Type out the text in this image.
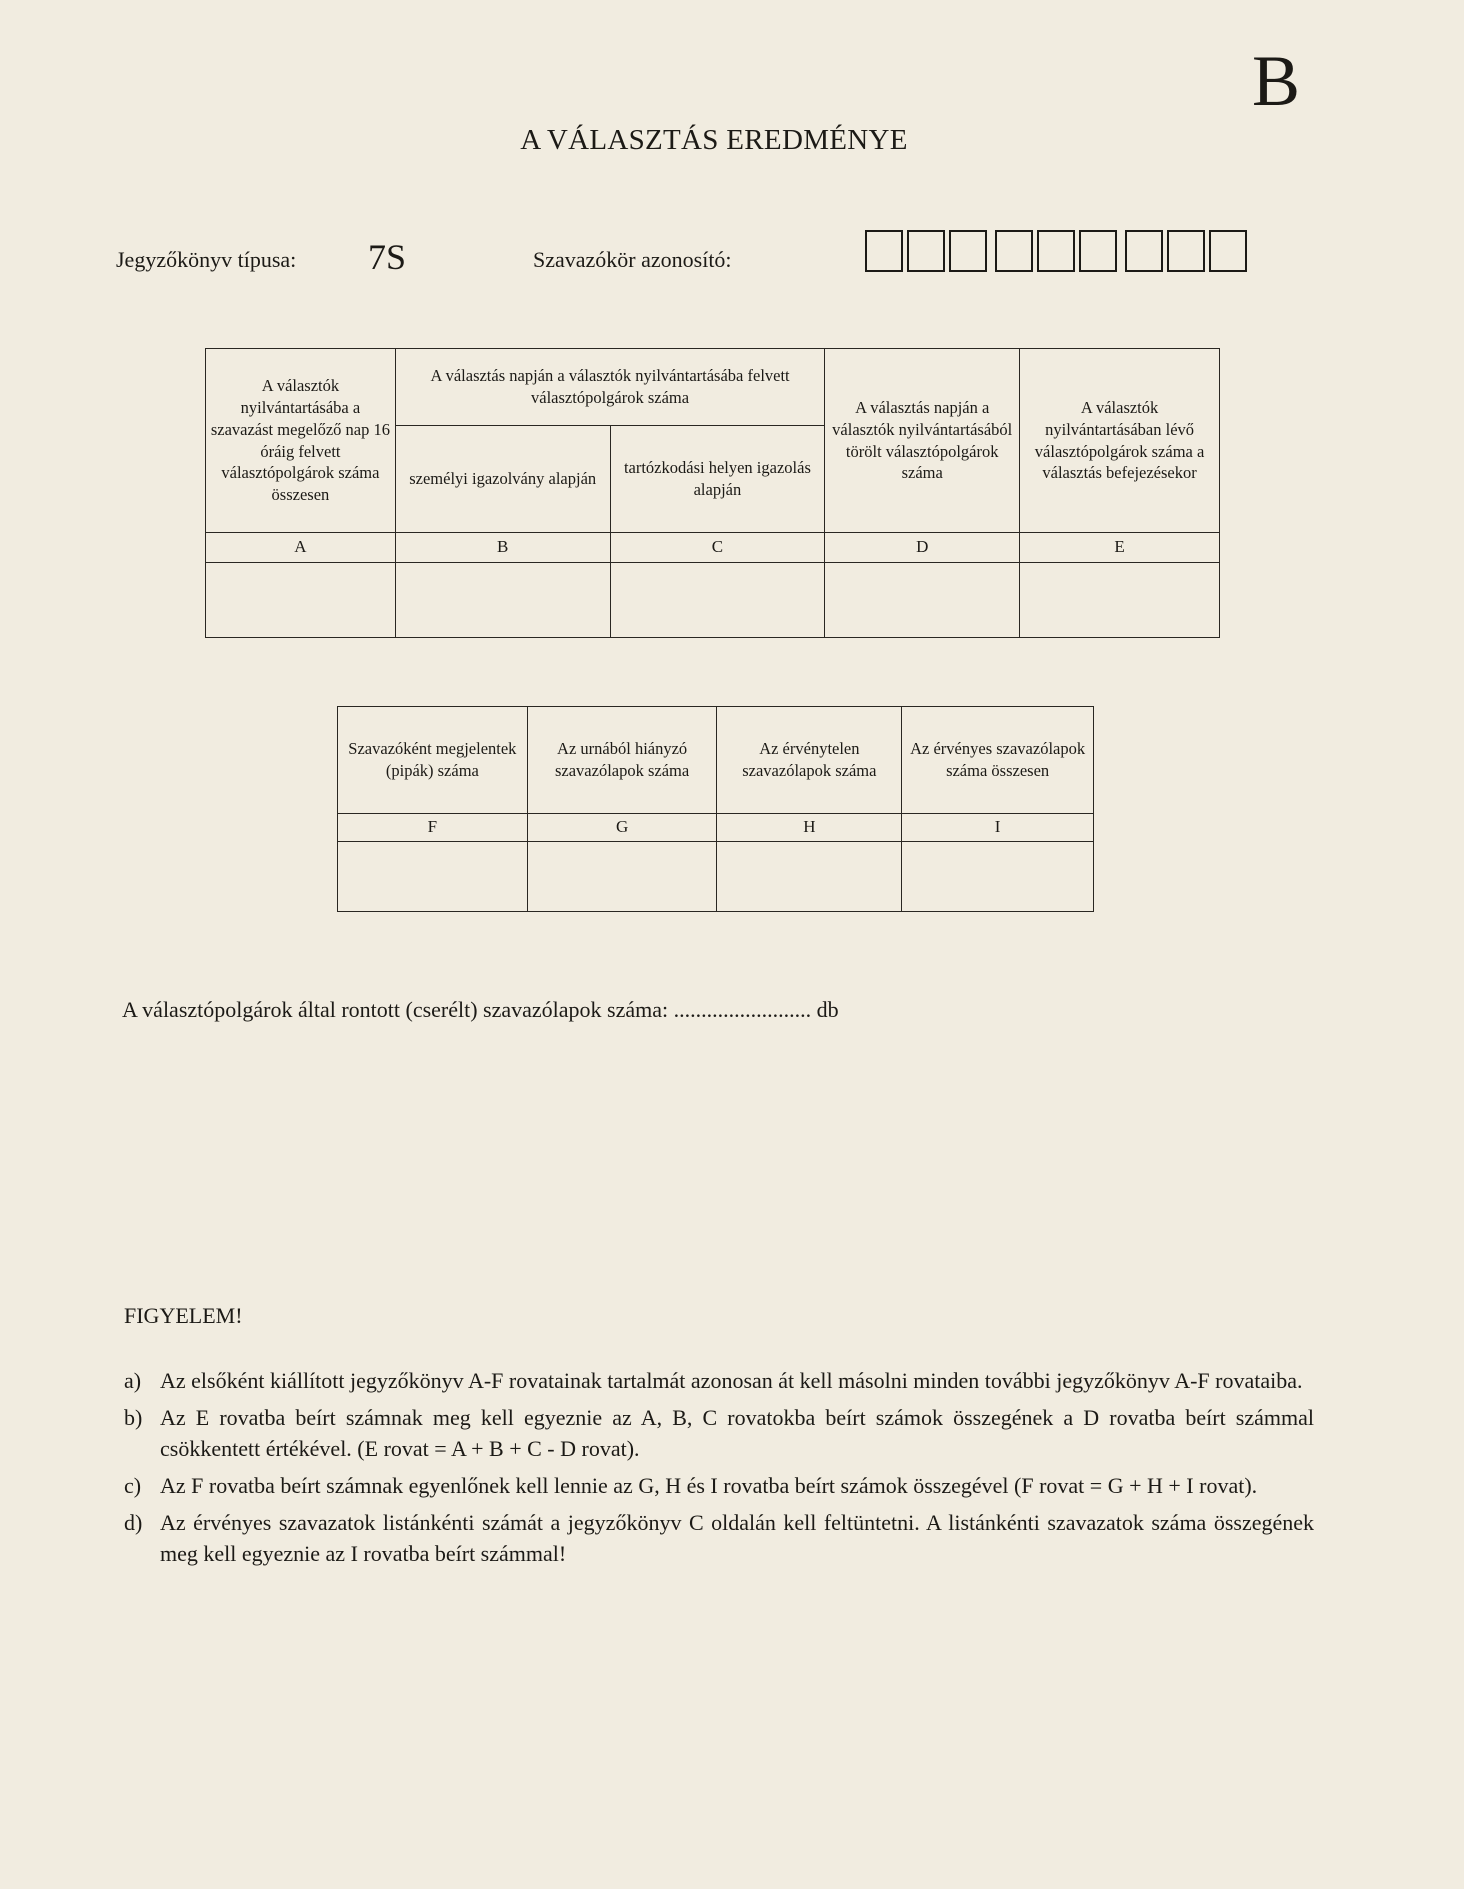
B
A VÁLASZTÁS EREDMÉNYE
Jegyzőkönyv típusa: 7S	Szavazókör azonosító:
A választók nyilvántartásába a szavazást megelőző nap 16 óráig felvett választópolgárok száma összesen	A választás napján a választók nyilvántartásába felvett választópolgárok száma		A választás napján a választók nyilvántartásából törölt választópolgárok száma	A választók nyilvántartásában lévő választópolgárok száma a választás befejezésekor
	személyi igazolvány alapján	tartózkodási helyen igazolás alapján		
A	B	C	D	E

Szavazóként megjelentek (pipák) száma	Az urnából hiányzó szavazólapok száma	Az érvénytelen szavazólapok száma	Az érvényes szavazólapok száma összesen
F	G	H	I

A választópolgárok által rontott (cserélt) szavazólapok száma: ......................... db
FIGYELEM!
a) Az elsőként kiállított jegyzőkönyv A-F rovatainak tartalmát azonosan át kell másolni minden további jegyzőkönyv A-F rovataiba.
b) Az E rovatba beírt számnak meg kell egyeznie az A, B, C rovatokba beírt számok összegének a D rovatba beírt számmal csökkentett értékével. (E rovat = A + B + C - D rovat).
c) Az F rovatba beírt számnak egyenlőnek kell lennie az G, H és I rovatba beírt számok összegével (F rovat = G + H + I rovat).
d) Az érvényes szavazatok listánkénti számát a jegyzőkönyv C oldalán kell feltüntetni. A listánkénti szavazatok száma összegének meg kell egyeznie az I rovatba beírt számmal!
